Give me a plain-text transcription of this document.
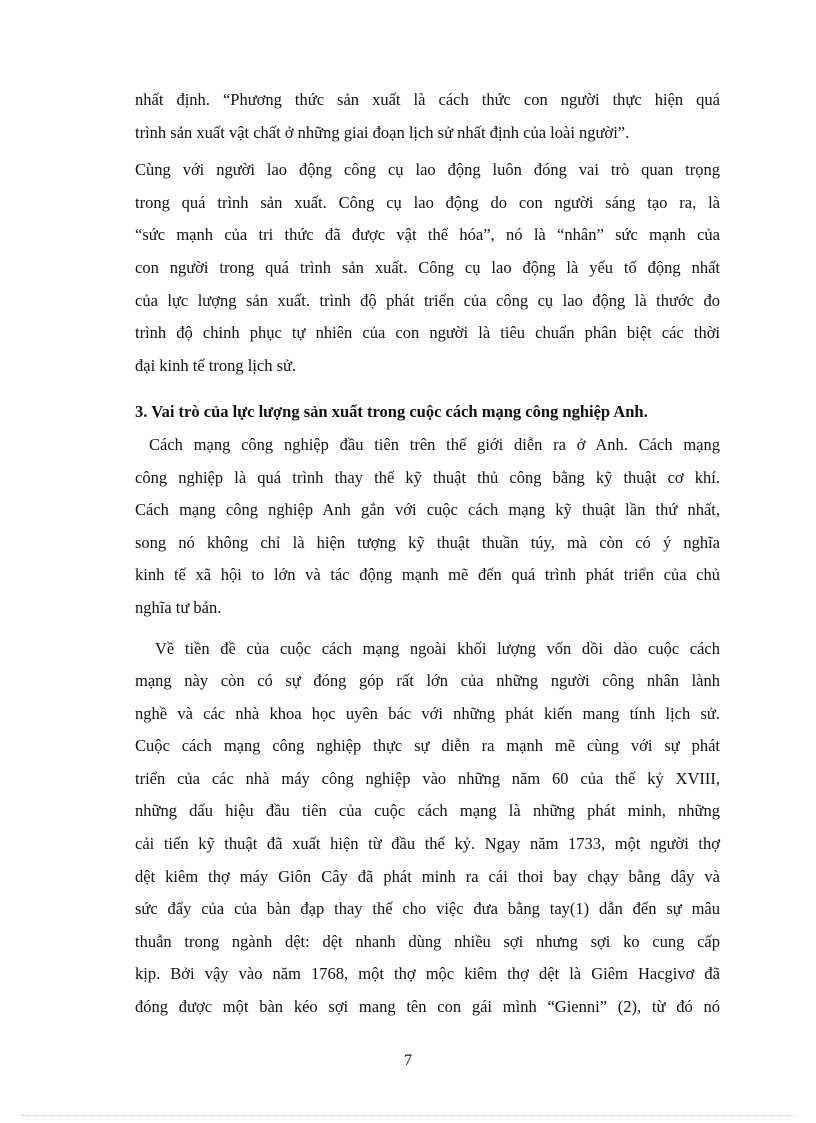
nhất định. “Phương thức sản xuất là cách thức con người thực hiện quá
trình sản xuất vật chất ở những giai đoạn lịch sử nhất định của loài người”.
Cùng với người lao động công cụ lao động luôn đóng vai trò quan trọng
trong quá trình sản xuất. Công cụ lao động do con người sáng tạo ra, là
“sức mạnh của tri thức đã được vật thể hóa”, nó là “nhân” sức mạnh của
con người trong quá trình sản xuất. Công cụ lao động là yếu tố động nhất
của lực lượng sản xuất. trình độ phát triển của công cụ lao động là thước đo
trình độ chinh phục tự nhiên của con người là tiêu chuẩn phân biệt các thời
đại kinh tế trong lịch sử.
3. Vai trò của lực lượng sản xuất trong cuộc cách mạng công nghiệp Anh.
Cách mạng công nghiệp đầu tiên trên thế giới diễn ra ở Anh. Cách mạng
công nghiệp là quá trình thay thế kỹ thuật thủ công bằng kỹ thuật cơ khí.
Cách mạng công nghiệp Anh gắn với cuộc cách mạng kỹ thuật lần thứ nhất,
song nó không chỉ là hiện tượng kỹ thuật thuần túy, mà còn có ý nghĩa
kinh tế xã hội to lớn và tác động mạnh mẽ đến quá trình phát triển của chủ
nghĩa tư bản.
Về tiền đề của cuộc cách mạng ngoài khối lượng vốn dồi dào cuộc cách
mạng này còn có sự đóng góp rất lớn của những người công nhân lành
nghề và các nhà khoa học uyên bác với những phát kiến mang tính lịch sử.
Cuộc cách mạng công nghiệp thực sự diễn ra mạnh mẽ cùng với sự phát
triển của các nhà máy công nghiệp vào những năm 60 của thế kỷ XVIII,
những dấu hiệu đầu tiên của cuộc cách mạng là những phát minh, những
cải tiến kỹ thuật đã xuất hiện từ đầu thế kỷ. Ngay năm 1733, một người thợ
dệt kiêm thợ máy Giôn Cây đã phát minh ra cái thoi bay chạy bằng dây và
sức đẩy của của bàn đạp thay thế cho việc đưa bằng tay(1) dẫn đến sự mâu
thuẫn trong ngành dệt: dệt nhanh dùng nhiều sợi nhưng sợi ko cung cấp
kịp. Bởi vậy vào năm 1768, một thợ mộc kiêm thợ dệt là Giêm Hacgivơ đã
đóng được một bàn kéo sợi mang tên con gái mình “Gienni” (2), từ đó nó
7
